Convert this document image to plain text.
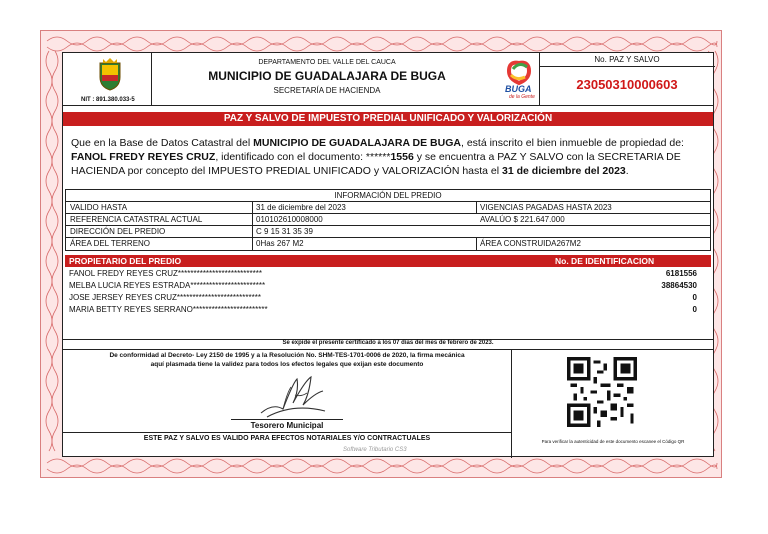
NIT : 891.380.033-5
DEPARTAMENTO DEL VALLE DEL CAUCA
MUNICIPIO DE GUADALAJARA DE BUGA
SECRETARÍA DE HACIENDA	BUGA
de la Gente
No. PAZ Y SALVO
23050310000603
PAZ Y SALVO DE IMPUESTO PREDIAL UNIFICADO Y VALORIZACIÓN
Que en la Base de Datos Catastral del MUNICIPIO DE GUADALAJARA DE BUGA, está inscrito el bien inmueble de propiedad de:
FANOL FREDY REYES CRUZ, identificado con el documento: ******1556 y se encuentra a PAZ Y SALVO con la SECRETARIA DE
HACIENDA por concepto del IMPUESTO PREDIAL UNIFICADO y VALORIZACIÓN hasta el 31 de diciembre del 2023.
INFORMACIÓN DEL PREDIO
VALIDO HASTA	31 de diciembre del 2023	VIGENCIAS PAGADAS HASTA 2023
REFERENCIA CATASTRAL ACTUAL	010102610008000	AVALÚO $ 221.647.000
DIRECCIÓN DEL PREDIO	C 9 15 31 35 39
ÁREA DEL TERRENO	0Has 267 M2	ÁREA CONSTRUIDA267M2
PROPIETARIO DEL PREDIO	No. DE IDENTIFICACION
FANOL FREDY REYES CRUZ***************************	6181556
MELBA LUCIA REYES ESTRADA************************	38864530
JOSE JERSEY REYES CRUZ***************************	0
MARIA BETTY REYES SERRANO************************	0
Se expide el presente certificado a los 07 días del mes de febrero de 2023.
De conformidad al Decreto- Ley 2150 de 1995 y a la Resolución No. SHM-TES-1701-0006 de 2020, la firma mecánica
aquí plasmada tiene la validez para todos los efectos legales que exijan este documento
Tesorero Municipal
ESTE PAZ Y SALVO ES VALIDO PARA EFECTOS NOTARIALES Y/O CONTRACTUALES
Software Tributario CS3
Para verificar la autenticidad de este documento escanee el Código QR
